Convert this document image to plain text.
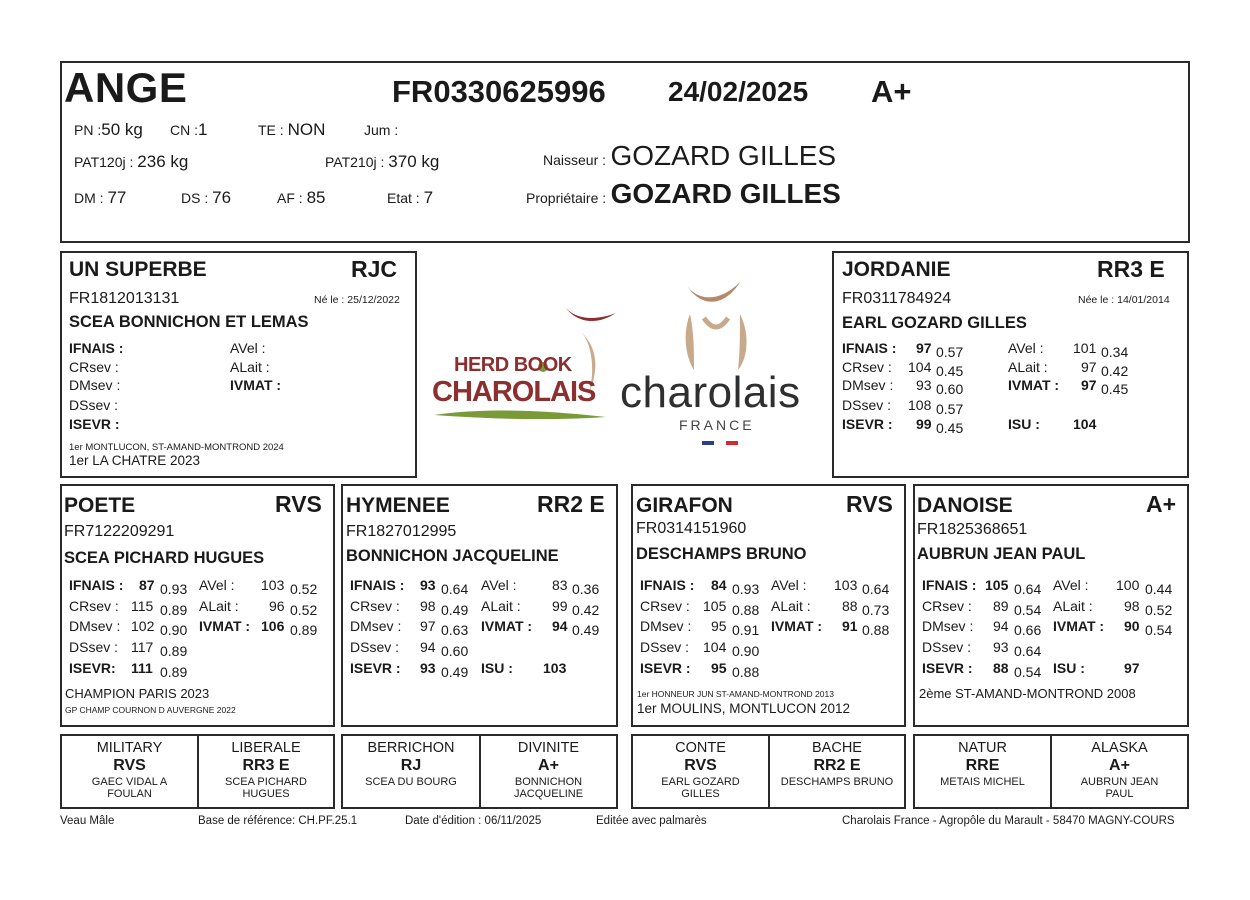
ANGE	FR0330625996 24/02/2025 A+
PN :50 kg CN :1	TE : NON	Jum :
PAT120j : 236 kg	PAT210j : 370 kg
DM : 77	DS : 76	AF : 85	Etat : 7
Naisseur : GOZARD GILLES
Propriétaire : GOZARD GILLES
UN SUPERBE	RJC
FR1812013131	Né le : 25/12/2022
SCEA BONNICHON ET LEMAS
IFNAIS :
CRsev :
DMsev :
DSsev :
ISEVR :
AVel :
ALait :
IVMAT :
1er MONTLUCON, ST-AMAND-MONTROND 2024
1er LA CHATRE 2023
HERD BOOK
CHAROLAIS charolais
FRANCE
JORDANIE	RR3 E
FR0311784924	Née le : 14/01/2014
EARL GOZARD GILLES
IFNAIS : 97 0.57
CRsev : 104 0.45
DMsev : 93 0.60
DSsev : 108 0.57
ISEVR : 99 0.45
AVel : 101 0.34
ALait : 97 0.42
IVMAT : 97 0.45
ISU : 104
POETE	RVS
FR7122209291
SCEA PICHARD HUGUES
IFNAIS : 87 0.93
CRsev : 115 0.89
DMsev : 102 0.90
DSsev : 117 0.89
ISEVR: 111 0.89
AVel : 103 0.52
ALait : 96 0.52
IVMAT : 106 0.89
CHAMPION PARIS 2023
GP CHAMP COURNON D AUVERGNE 2022
HYMENEE	RR2 E
FR1827012995
BONNICHON JACQUELINE
IFNAIS : 93 0.64
CRsev : 98 0.49
DMsev : 97 0.63
DSsev : 94 0.60
ISEVR : 93 0.49
AVel :	83 0.36
ALait : 99 0.42
IVMAT : 94 0.49
ISU : 103
GIRAFON	RVS
FR0314151960
DESCHAMPS BRUNO
IFNAIS : 84 0.93
CRsev : 105 0.88
DMsev : 95 0.91
DSsev : 104 0.90
ISEVR : 95 0.88
AVel : 103 0.64
ALait : 88 0.73
IVMAT : 91 0.88
1er HONNEUR JUN ST-AMAND-MONTROND 2013
1er MOULINS, MONTLUCON 2012
DANOISE	A+
FR1825368651
AUBRUN JEAN PAUL
IFNAIS : 105 0.64
CRsev : 89 0.54
DMsev : 94 0.66
DSsev : 93 0.64
ISEVR : 88 0.54
AVel : 100 0.44
ALait : 98 0.52
IVMAT : 90 0.54
ISU :	97
2ème ST-AMAND-MONTROND 2008
MILITARY
RVS
GAEC VIDAL A
FOULAN
LIBERALE
RR3 E
SCEA PICHARD
HUGUES
BERRICHON
RJ
SCEA DU BOURG
DIVINITE
A+
BONNICHON
JACQUELINE
CONTE
RVS
EARL GOZARD
GILLES
BACHE
RR2 E
DESCHAMPS BRUNO
NATUR
RRE
METAIS MICHEL
ALASKA
A+
AUBRUN JEAN
PAUL
Veau Mâle	Base de référence: CH.PF.25.1	Date d'édition : 06/11/2025	Editée avec palmarès	Charolais France - Agropôle du Marault - 58470 MAGNY-COURS
